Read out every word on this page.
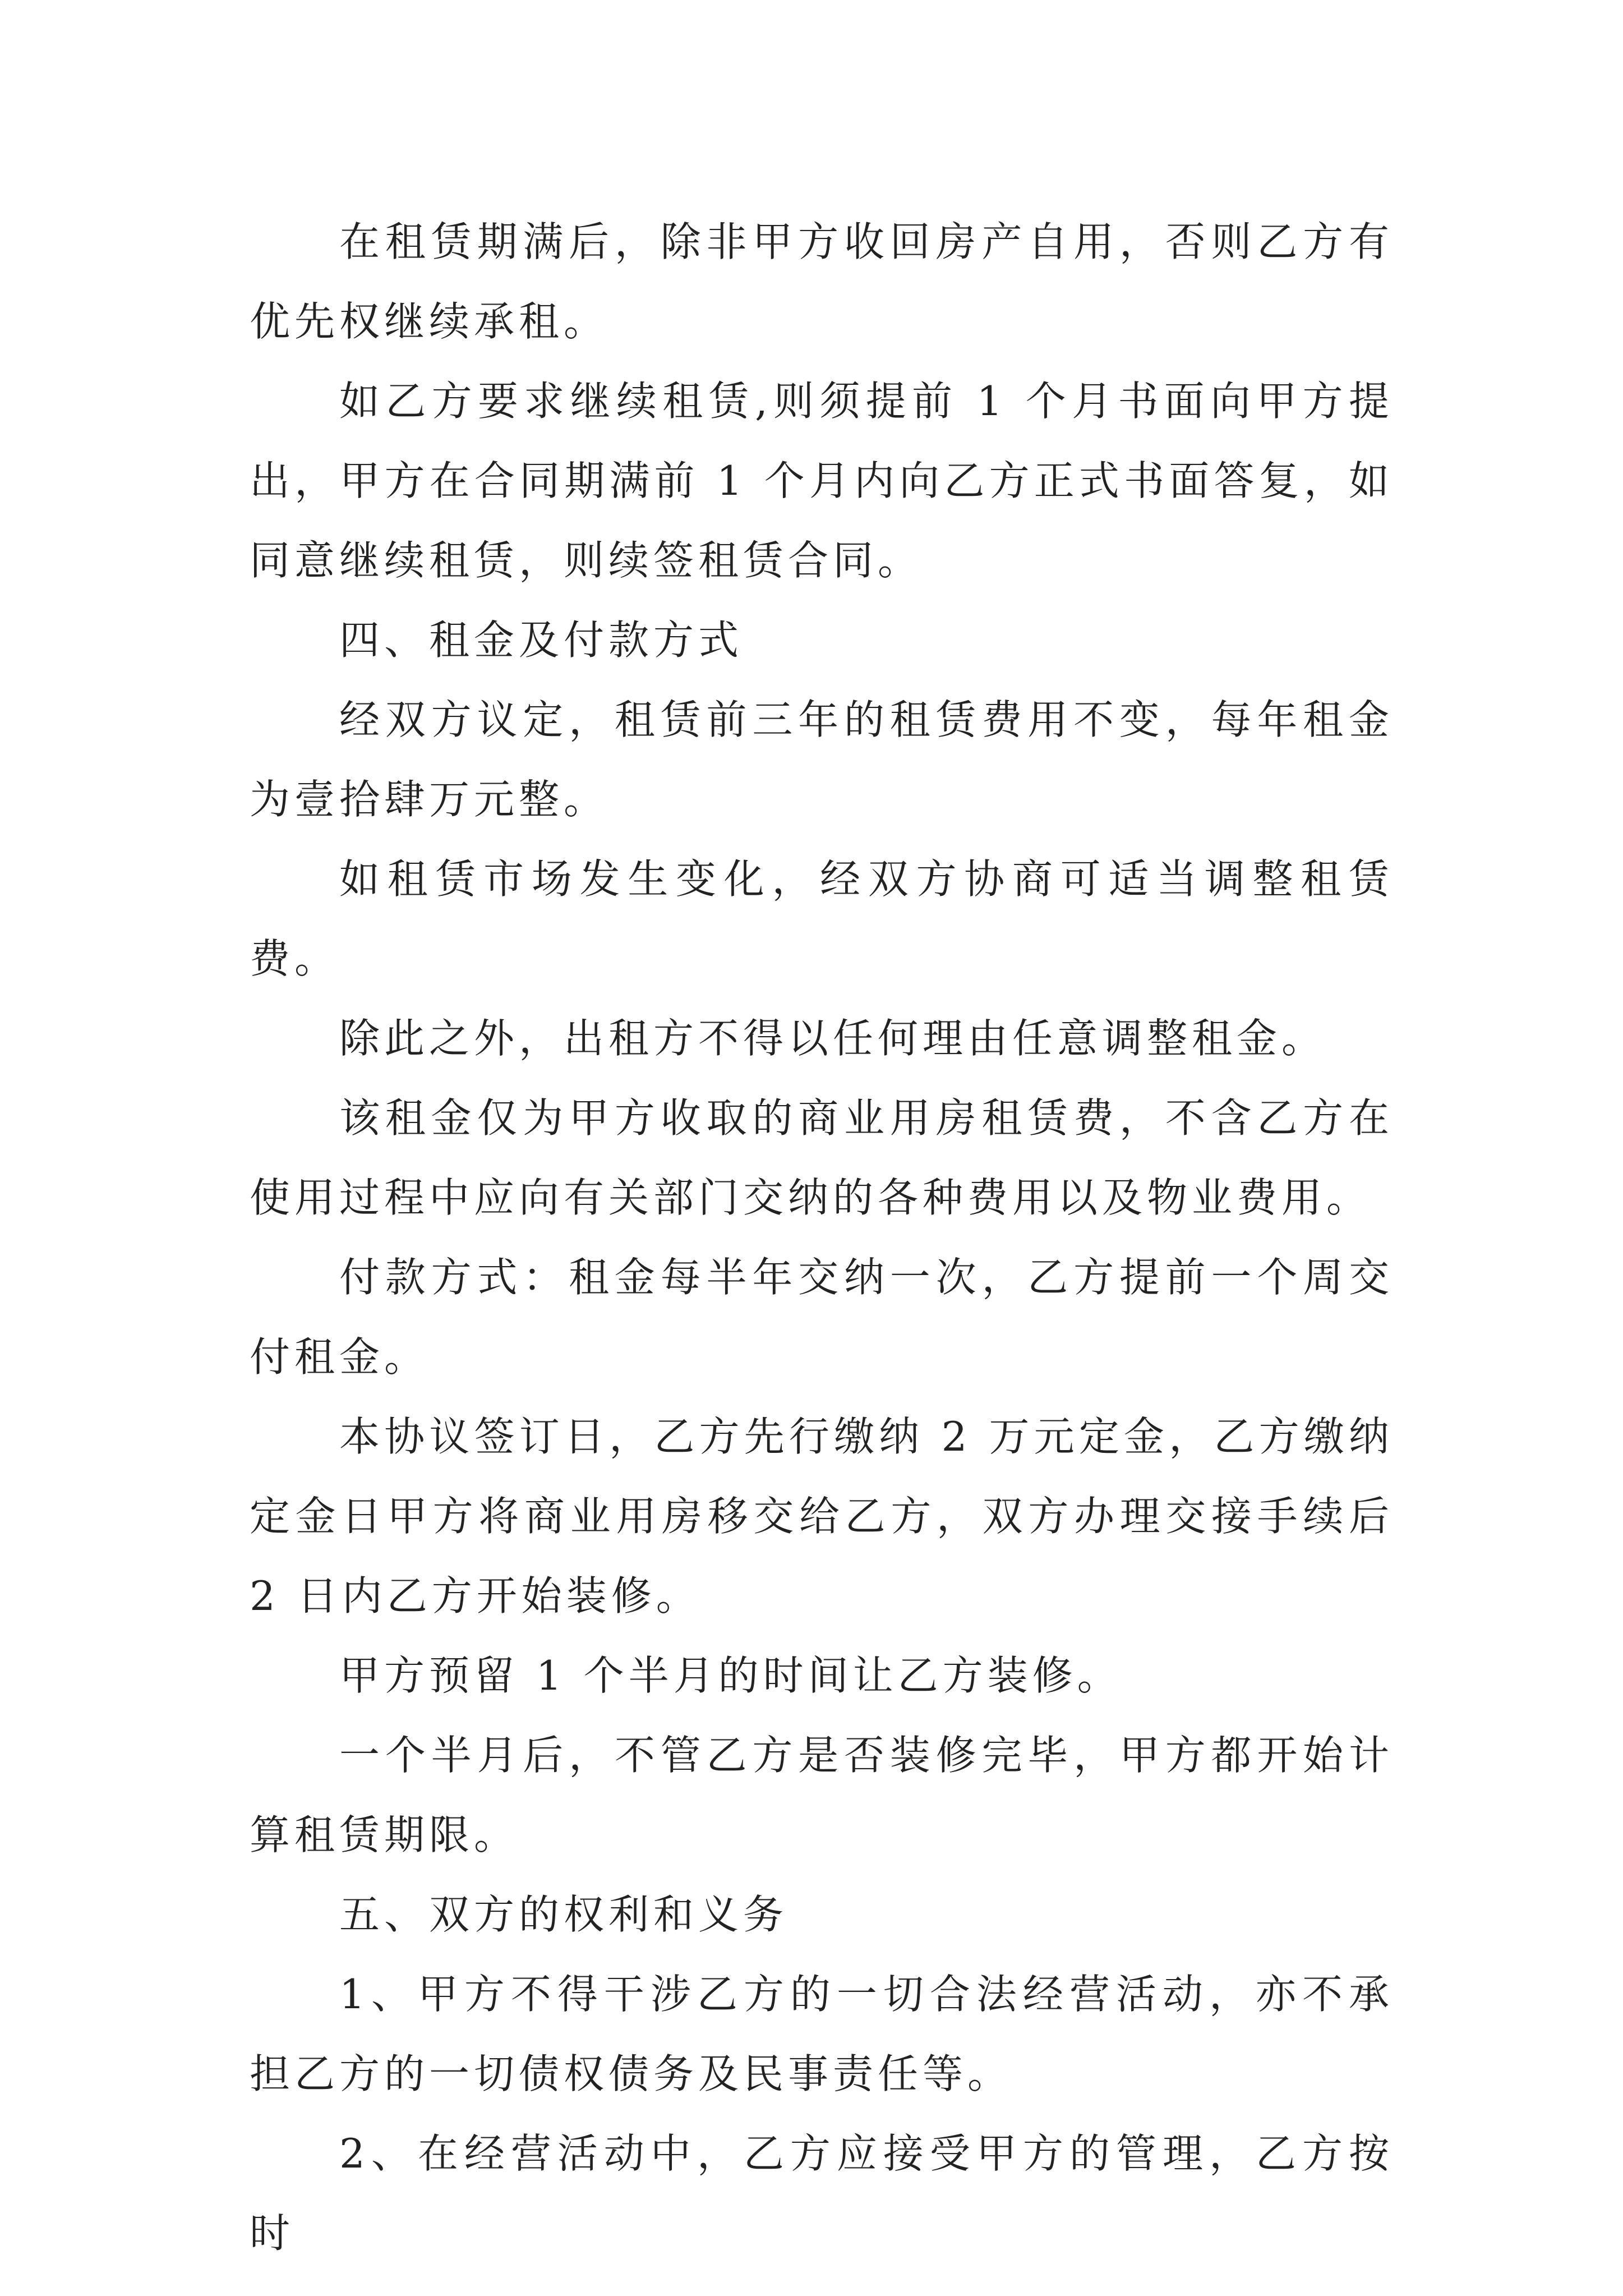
在租赁期满后，除非甲方收回房产自用，否则乙方有优先权继续承租。

如乙方要求继续租赁,则须提前 1 个月书面向甲方提出，甲方在合同期满前 1 个月内向乙方正式书面答复，如同意继续租赁，则续签租赁合同。

四、租金及付款方式

经双方议定，租赁前三年的租赁费用不变，每年租金为壹拾肆万元整。

如租赁市场发生变化，经双方协商可适当调整租赁费。

除此之外，出租方不得以任何理由任意调整租金。

该租金仅为甲方收取的商业用房租赁费，不含乙方在使用过程中应向有关部门交纳的各种费用以及物业费用。

付款方式：租金每半年交纳一次，乙方提前一个周交付租金。

本协议签订日，乙方先行缴纳 2 万元定金，乙方缴纳定金日甲方将商业用房移交给乙方，双方办理交接手续后 2 日内乙方开始装修。

甲方预留 1 个半月的时间让乙方装修。

一个半月后，不管乙方是否装修完毕，甲方都开始计算租赁期限。

五、双方的权利和义务

1、甲方不得干涉乙方的一切合法经营活动，亦不承担乙方的一切债权债务及民事责任等。

2、在经营活动中，乙方应接受甲方的管理，乙方按时
